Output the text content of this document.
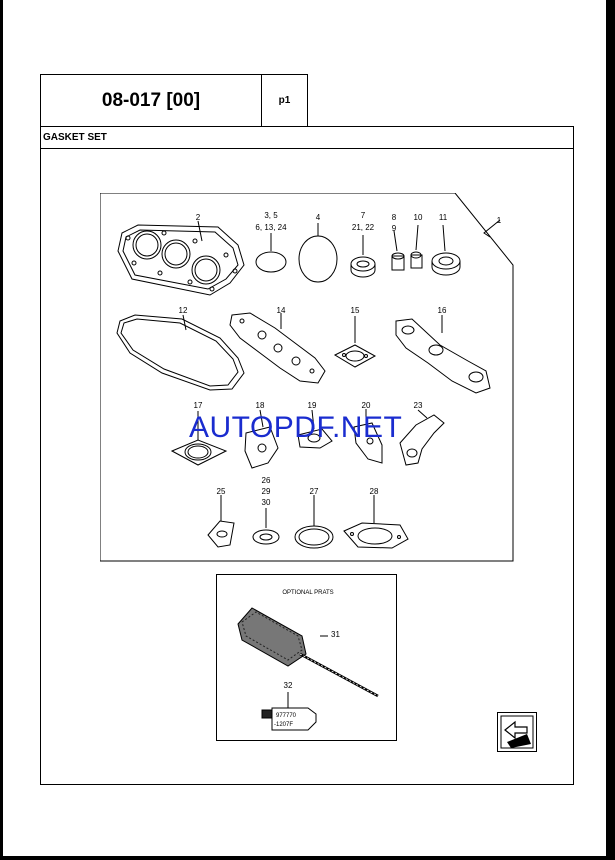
08-017 [00]	p1
GASKET SET
1
2	3, 5
6, 13, 24
4	7
21, 22
8
9
10 11
12	14	15	16
17	18	19	20	23
25
26
29
30
27	28
OPTIONAL PRATS
31
32
977770
-1207F
AUTOPDF.NET
